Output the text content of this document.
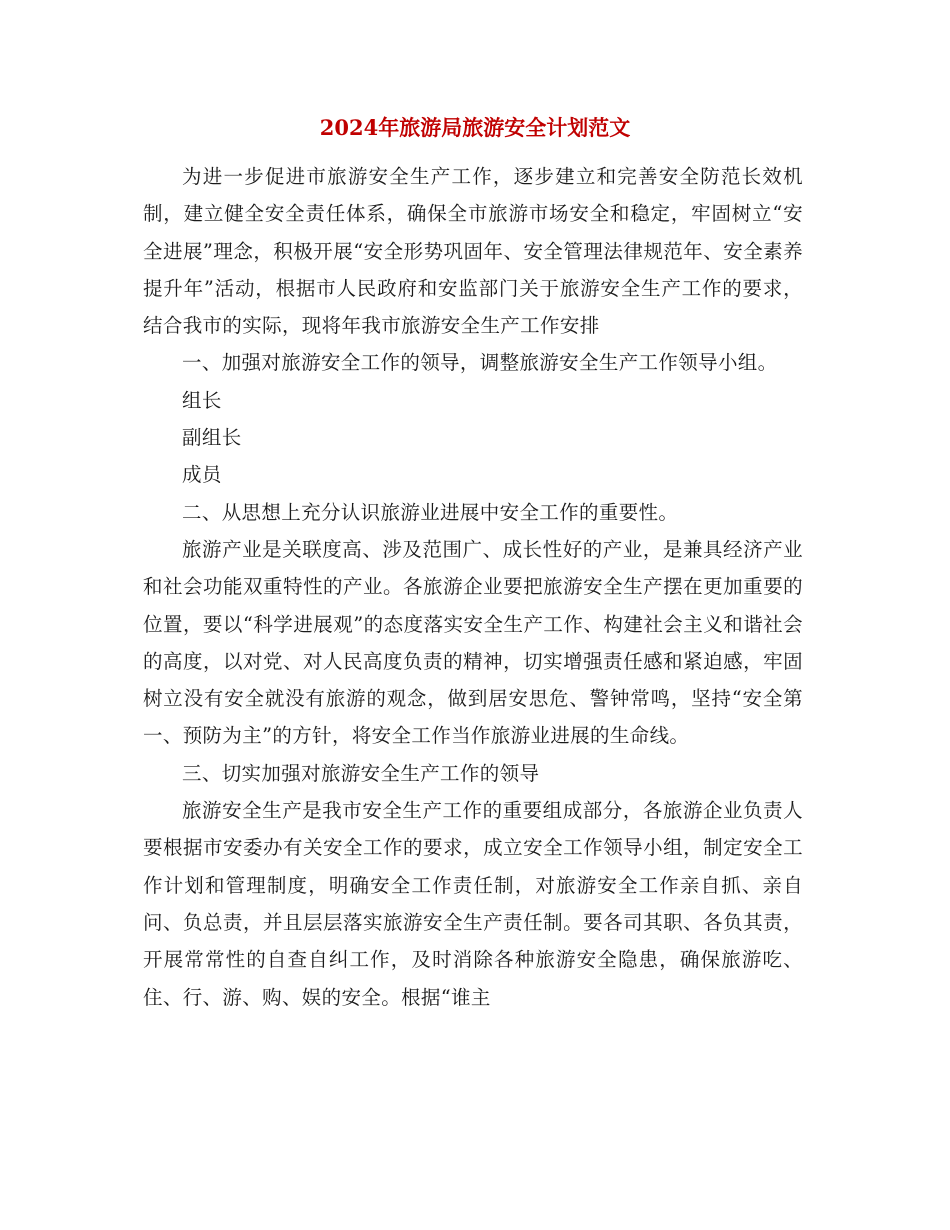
2024年旅游局旅游安全计划范文

为进一步促进市旅游安全生产工作，逐步建立和完善安全防范长效机制，建立健全安全责任体系，确保全市旅游市场安全和稳定，牢固树立“安全进展”理念，积极开展“安全形势巩固年、安全管理法律规范年、安全素养提升年”活动，根据市人民政府和安监部门关于旅游安全生产工作的要求，结合我市的实际，现将年我市旅游安全生产工作安排

一、加强对旅游安全工作的领导，调整旅游安全生产工作领导小组。

组长

副组长

成员

二、从思想上充分认识旅游业进展中安全工作的重要性。

旅游产业是关联度高、涉及范围广、成长性好的产业，是兼具经济产业和社会功能双重特性的产业。各旅游企业要把旅游安全生产摆在更加重要的位置，要以“科学进展观”的态度落实安全生产工作、构建社会主义和谐社会的高度，以对党、对人民高度负责的精神，切实增强责任感和紧迫感，牢固树立没有安全就没有旅游的观念，做到居安思危、警钟常鸣，坚持“安全第一、预防为主”的方针，将安全工作当作旅游业进展的生命线。

三、切实加强对旅游安全生产工作的领导

旅游安全生产是我市安全生产工作的重要组成部分，各旅游企业负责人要根据市安委办有关安全工作的要求，成立安全工作领导小组，制定安全工作计划和管理制度，明确安全工作责任制，对旅游安全工作亲自抓、亲自问、负总责，并且层层落实旅游安全生产责任制。要各司其职、各负其责，开展常常性的自查自纠工作，及时消除各种旅游安全隐患，确保旅游吃、住、行、游、购、娱的安全。根据“谁主
